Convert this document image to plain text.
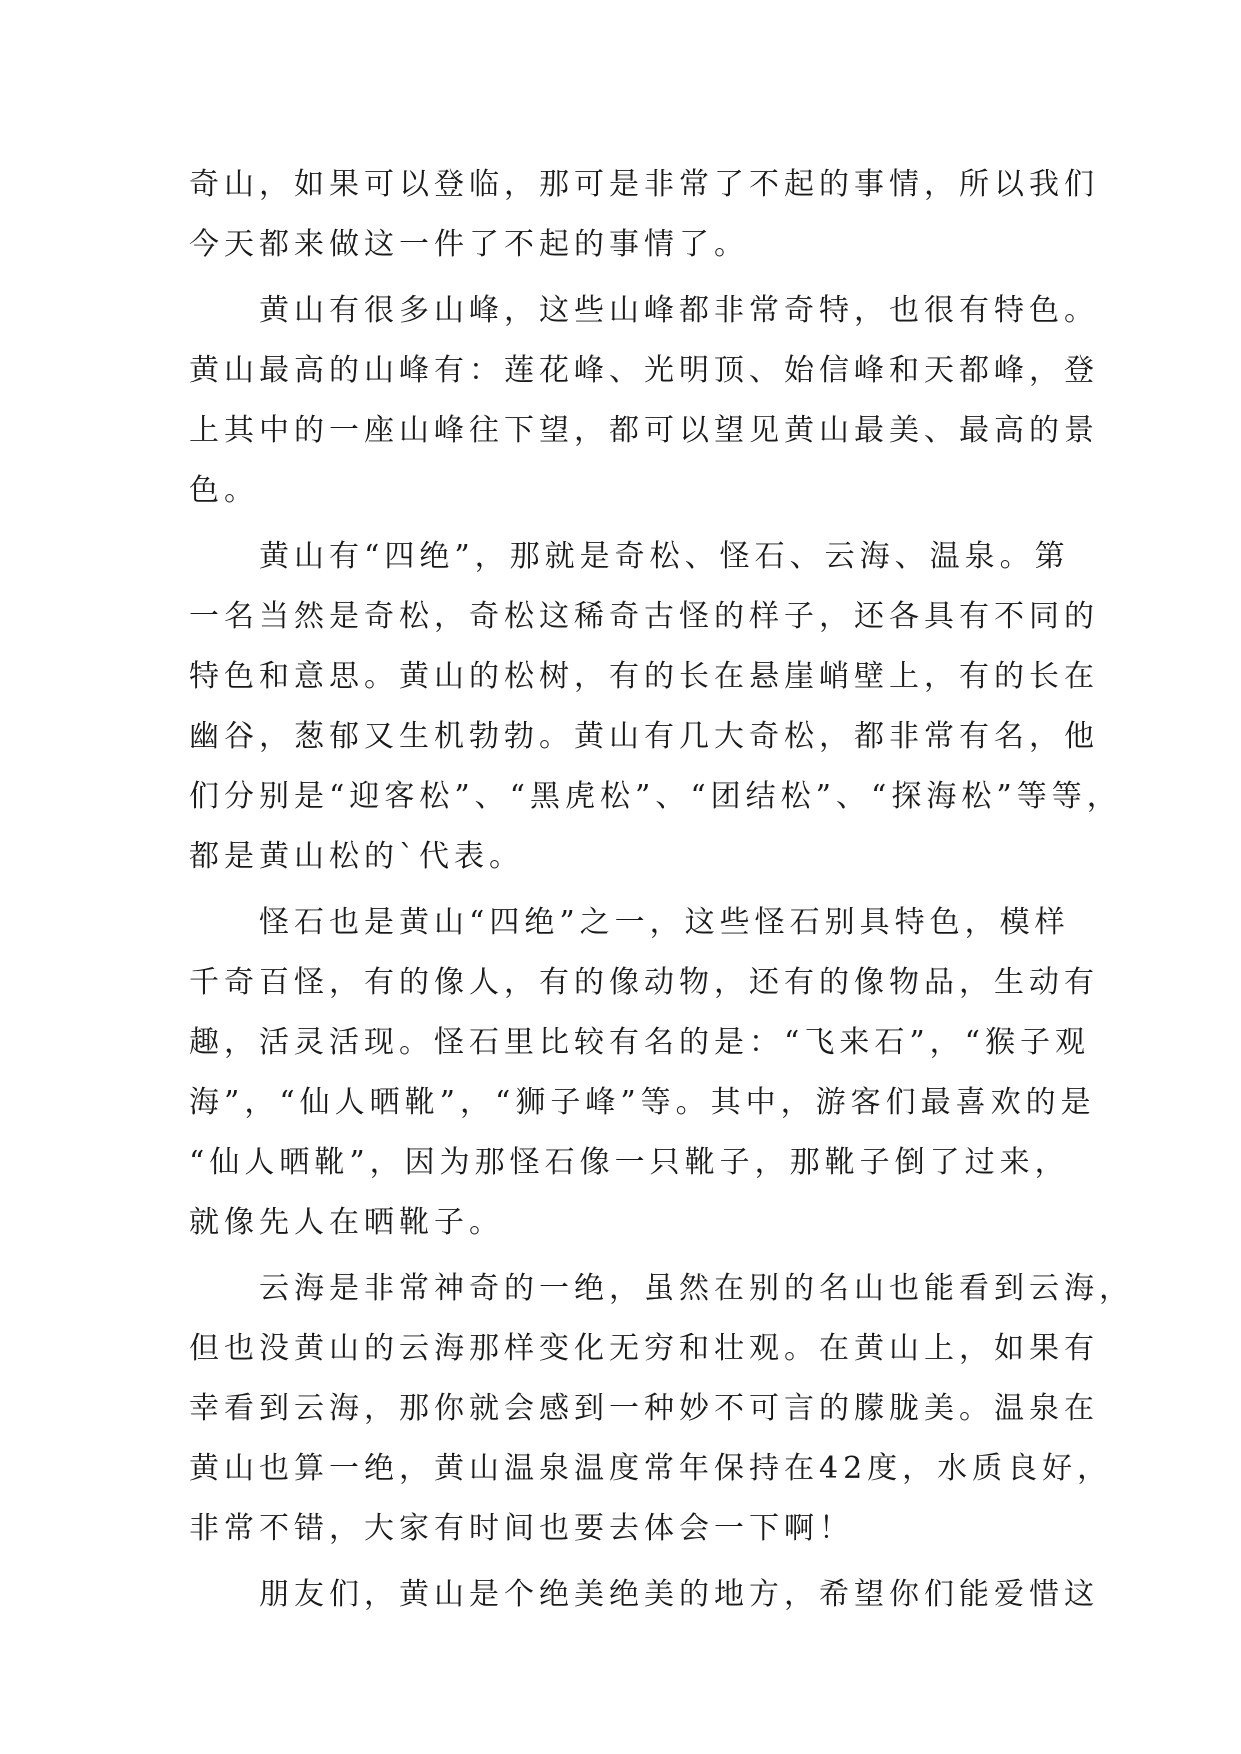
奇山，如果可以登临，那可是非常了不起的事情，所以我们
今天都来做这一件了不起的事情了。
黄山有很多山峰，这些山峰都非常奇特，也很有特色。
黄山最高的山峰有：莲花峰、光明顶、始信峰和天都峰，登
上其中的一座山峰往下望，都可以望见黄山最美、最高的景
色。
黄山有“四绝”，那就是奇松、怪石、云海、温泉。第
一名当然是奇松，奇松这稀奇古怪的样子，还各具有不同的
特色和意思。黄山的松树，有的长在悬崖峭壁上，有的长在
幽谷，葱郁又生机勃勃。黄山有几大奇松，都非常有名，他
们分别是“迎客松”、“黑虎松”、“团结松”、“探海松”等等，
都是黄山松的`代表。
怪石也是黄山“四绝”之一，这些怪石别具特色，模样
千奇百怪，有的像人，有的像动物，还有的像物品，生动有
趣，活灵活现。怪石里比较有名的是：“飞来石”，“猴子观
海”，“仙人晒靴”，“狮子峰”等。其中，游客们最喜欢的是
“仙人晒靴”，因为那怪石像一只靴子，那靴子倒了过来，
就像先人在晒靴子。
云海是非常神奇的一绝，虽然在别的名山也能看到云海，
但也没黄山的云海那样变化无穷和壮观。在黄山上，如果有
幸看到云海，那你就会感到一种妙不可言的朦胧美。温泉在
黄山也算一绝，黄山温泉温度常年保持在42度，水质良好，
非常不错，大家有时间也要去体会一下啊！
朋友们，黄山是个绝美绝美的地方，希望你们能爱惜这
